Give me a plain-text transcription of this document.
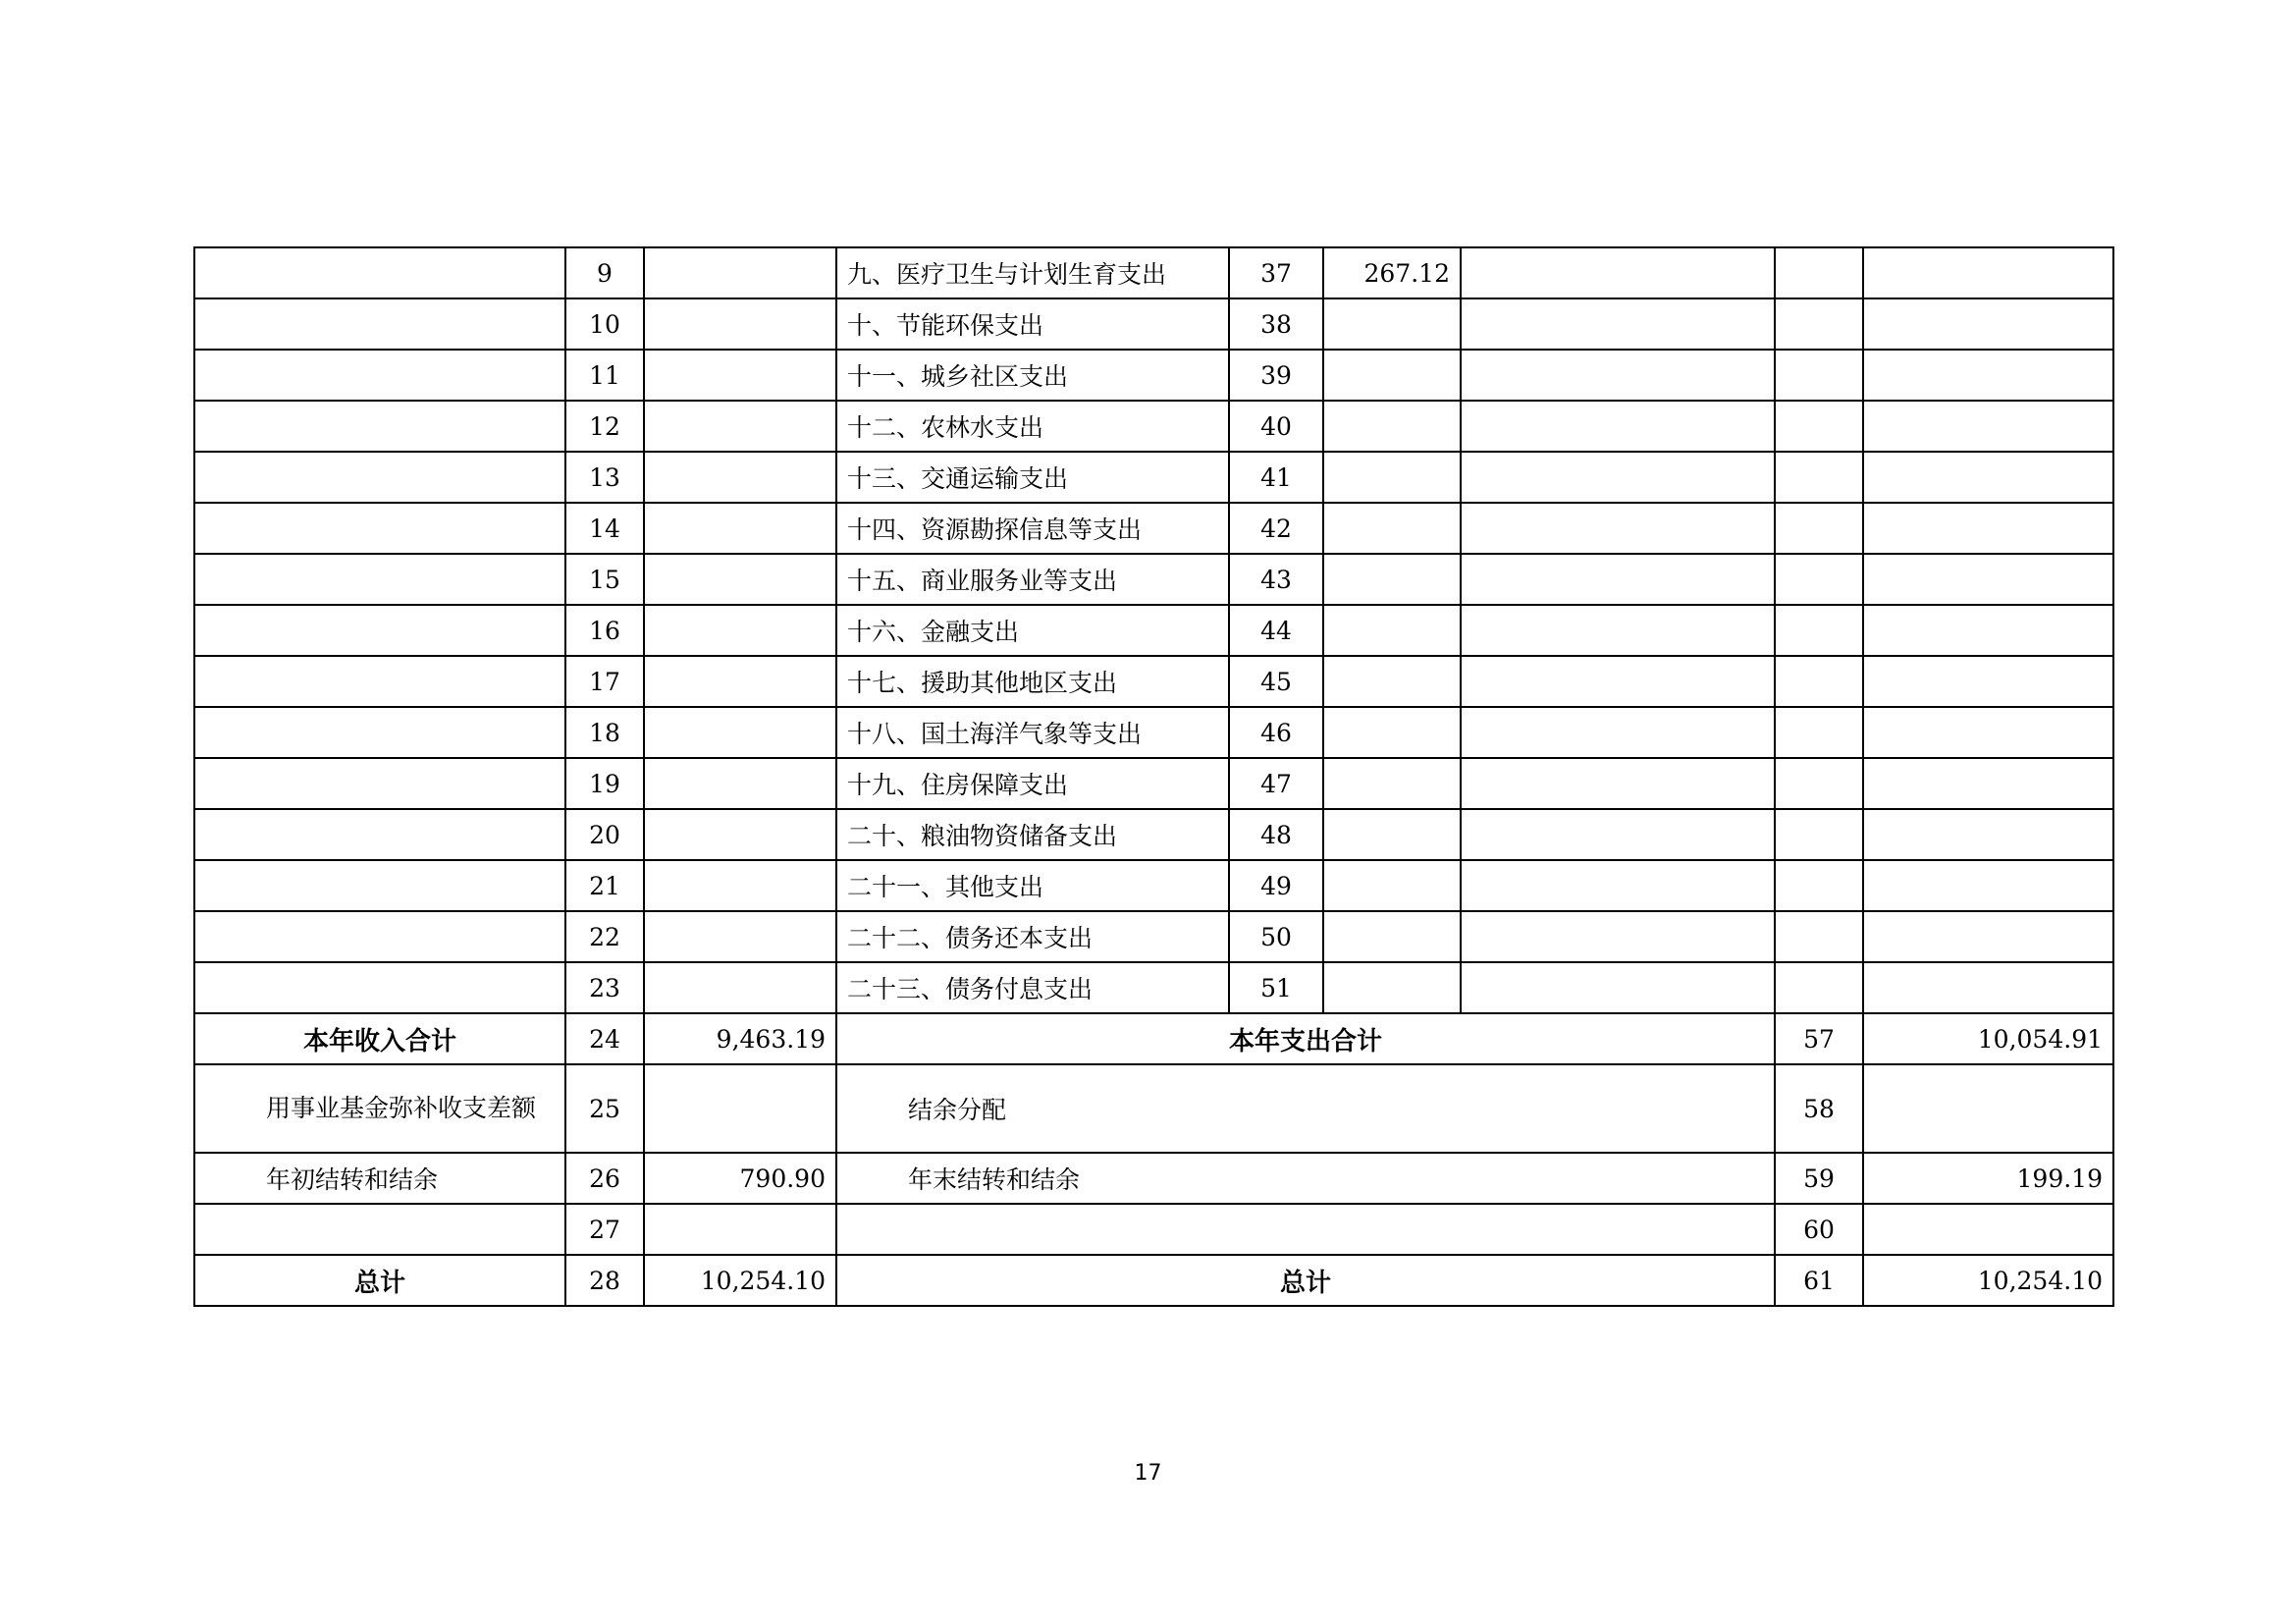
	9		九、医疗卫生与计划生育支出	37	267.12			
	10		十、节能环保支出	38				
	11		十一、城乡社区支出	39				
	12		十二、农林水支出	40				
	13		十三、交通运输支出	41				
	14		十四、资源勘探信息等支出	42				
	15		十五、商业服务业等支出	43				
	16		十六、金融支出	44				
	17		十七、援助其他地区支出	45				
	18		十八、国土海洋气象等支出	46				
	19		十九、住房保障支出	47				
	20		二十、粮油物资储备支出	48				
	21		二十一、其他支出	49				
	22		二十二、债务还本支出	50				
	23		二十三、债务付息支出	51				
本年收入合计	24	9,463.19	本年支出合计				57	10,054.91
用事业基金弥补收支差额	25		结余分配				58	
年初结转和结余	26	790.90	年末结转和结余				59	199.19
	27						60	
总计	28	10,254.10	总计				61	10,254.10
17
